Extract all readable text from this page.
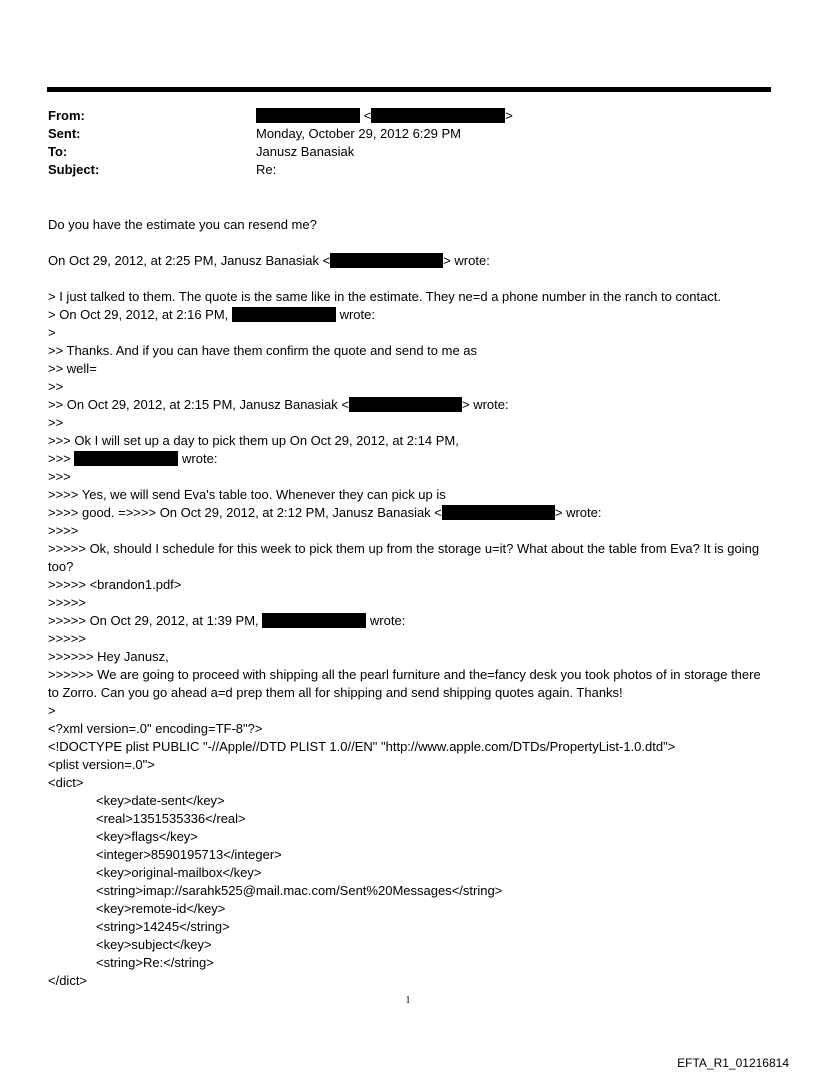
From:	<	>
Sent:	Monday, October 29, 2012 6:29 PM
To:	Janusz Banasiak
Subject:	Re:
Do you have the estimate you can resend me?
On Oct 29, 2012, at 2:25 PM, Janusz Banasiak <	> wrote:
> I just talked to them. The quote is the same like in the estimate. They ne=d a phone number in the ranch to contact.
> On Oct 29, 2012, at 2:16 PM,	wrote:
>
>> Thanks. And if you can have them confirm the quote and send to me as
>> well=
>>
>> On Oct 29, 2012, at 2:15 PM, Janusz Banasiak <	> wrote:
>>
>>> Ok I will set up a day to pick them up On Oct 29, 2012, at 2:14 PM,
>>>	wrote:
>>>
>>>> Yes, we will send Eva's table too. Whenever they can pick up is
>>>> good. =>>>> On Oct 29, 2012, at 2:12 PM, Janusz Banasiak <	> wrote:
>>>>
>>>>> Ok, should I schedule for this week to pick them up from the storage u=it? What about the table from Eva? It is going too?
>>>>> <brandon1.pdf>
>>>>>
>>>>> On Oct 29, 2012, at 1:39 PM,	wrote:
>>>>>
>>>>>> Hey Janusz,
>>>>>> We are going to proceed with shipping all the pearl furniture and the=fancy desk you took photos of in storage there to Zorro. Can you go ahead a=d prep them all for shipping and send shipping quotes again. Thanks!
>
<?xml version=.0" encoding=TF-8"?>
<!DOCTYPE plist PUBLIC "-//Apple//DTD PLIST 1.0//EN" "http://www.apple.com/DTDs/PropertyList-1.0.dtd">
<plist version=.0">
<dict>
<key>date-sent</key>
<real>1351535336</real>
<key>flags</key>
<integer>8590195713</integer>
<key>original-mailbox</key>
<string>imap://sarahk525@mail.mac.com/Sent%20Messages</string>
<key>remote-id</key>
<string>14245</string>
<key>subject</key>
<string>Re:</string>
</dict>
1
EFTA_R1_01216814
